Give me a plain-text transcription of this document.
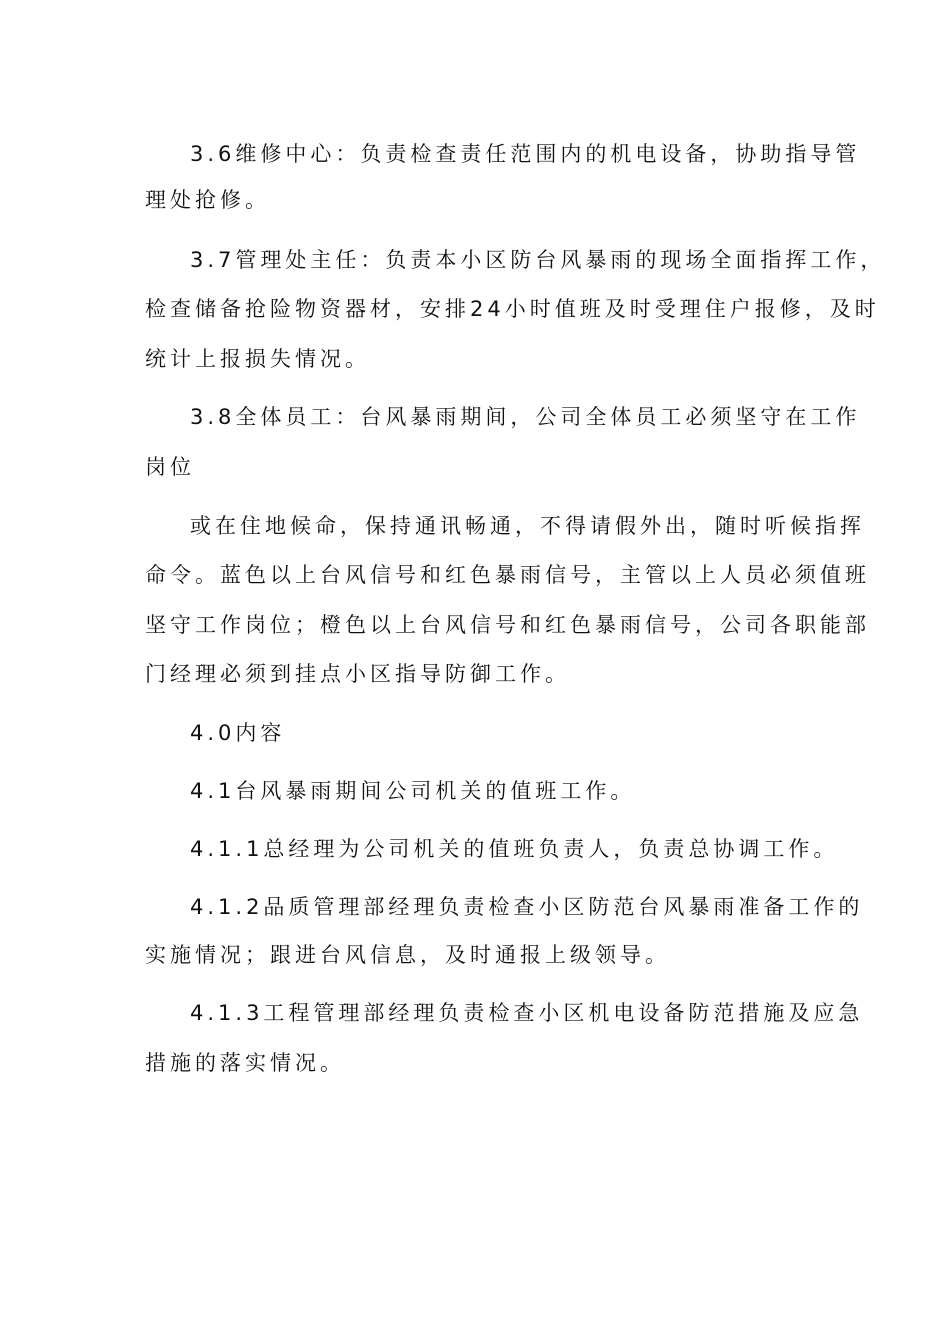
3.6维修中心：负责检查责任范围内的机电设备，协助指导管
理处抢修。
3.7管理处主任：负责本小区防台风暴雨的现场全面指挥工作，
检查储备抢险物资器材，安排24小时值班及时受理住户报修，及时
统计上报损失情况。
3.8全体员工：台风暴雨期间，公司全体员工必须坚守在工作
岗位
或在住地候命，保持通讯畅通，不得请假外出，随时听候指挥
命令。蓝色以上台风信号和红色暴雨信号，主管以上人员必须值班
坚守工作岗位；橙色以上台风信号和红色暴雨信号，公司各职能部
门经理必须到挂点小区指导防御工作。
4.0内容
4.1台风暴雨期间公司机关的值班工作。
4.1.1总经理为公司机关的值班负责人，负责总协调工作。
4.1.2品质管理部经理负责检查小区防范台风暴雨准备工作的
实施情况；跟进台风信息，及时通报上级领导。
4.1.3工程管理部经理负责检查小区机电设备防范措施及应急
措施的落实情况。
